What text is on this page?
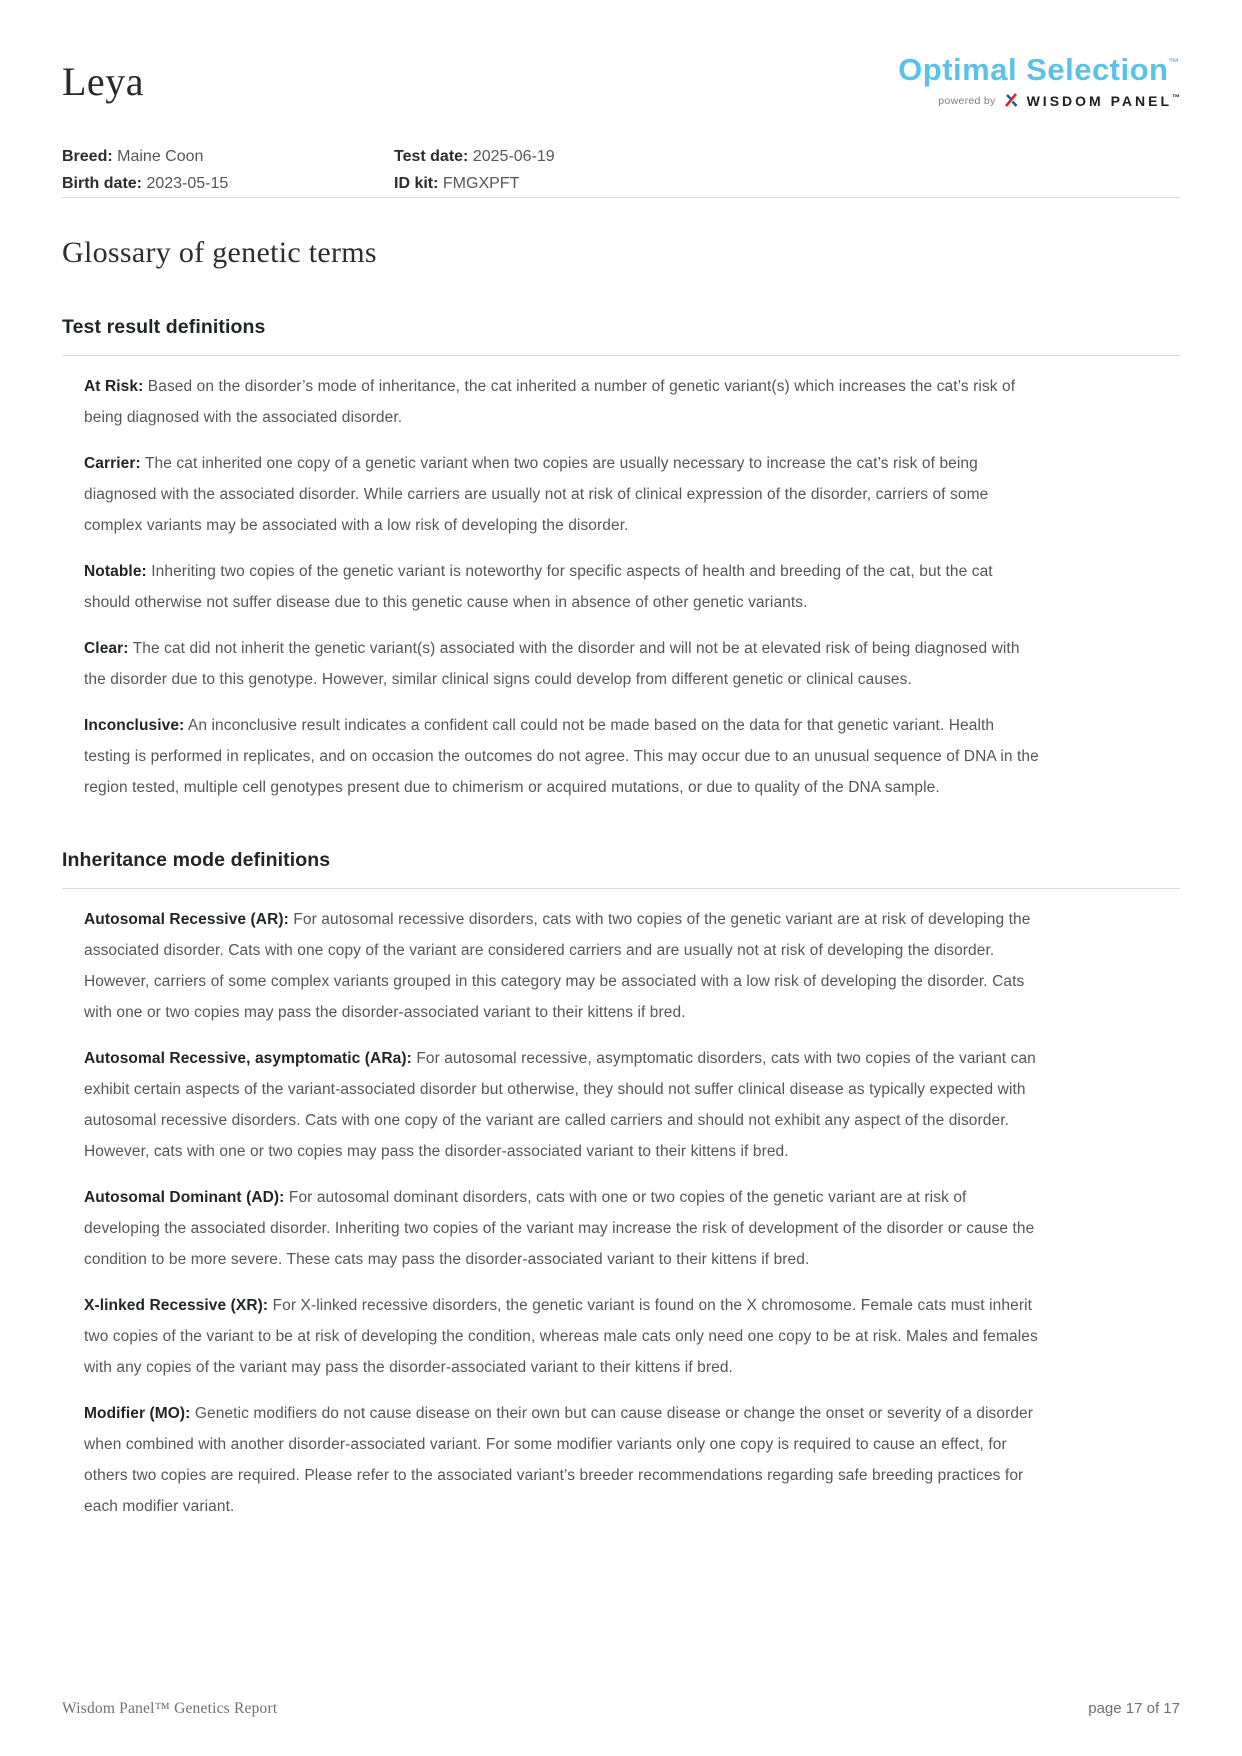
Leya	Optimal Selection™
powered by WISDOM PANEL™
Breed: Maine Coon
Birth date: 2023-05-15
Test date: 2025-06-19
ID kit: FMGXPFT
Glossary of genetic terms
Test result definitions

At Risk: Based on the disorder’s mode of inheritance, the cat inherited a number of genetic variant(s) which increases the cat’s risk of being diagnosed with the associated disorder.

Carrier: The cat inherited one copy of a genetic variant when two copies are usually necessary to increase the cat’s risk of being diagnosed with the associated disorder. While carriers are usually not at risk of clinical expression of the disorder, carriers of some complex variants may be associated with a low risk of developing the disorder.

Notable: Inheriting two copies of the genetic variant is noteworthy for specific aspects of health and breeding of the cat, but the cat should otherwise not suffer disease due to this genetic cause when in absence of other genetic variants.

Clear: The cat did not inherit the genetic variant(s) associated with the disorder and will not be at elevated risk of being diagnosed with the disorder due to this genotype. However, similar clinical signs could develop from different genetic or clinical causes.

Inconclusive: An inconclusive result indicates a confident call could not be made based on the data for that genetic variant. Health testing is performed in replicates, and on occasion the outcomes do not agree. This may occur due to an unusual sequence of DNA in the region tested, multiple cell genotypes present due to chimerism or acquired mutations, or due to quality of the DNA sample.

Inheritance mode definitions

Autosomal Recessive (AR): For autosomal recessive disorders, cats with two copies of the genetic variant are at risk of developing the associated disorder. Cats with one copy of the variant are considered carriers and are usually not at risk of developing the disorder. However, carriers of some complex variants grouped in this category may be associated with a low risk of developing the disorder. Cats with one or two copies may pass the disorder-associated variant to their kittens if bred.

Autosomal Recessive, asymptomatic (ARa): For autosomal recessive, asymptomatic disorders, cats with two copies of the variant can exhibit certain aspects of the variant-associated disorder but otherwise, they should not suffer clinical disease as typically expected with autosomal recessive disorders. Cats with one copy of the variant are called carriers and should not exhibit any aspect of the disorder. However, cats with one or two copies may pass the disorder-associated variant to their kittens if bred.

Autosomal Dominant (AD): For autosomal dominant disorders, cats with one or two copies of the genetic variant are at risk of developing the associated disorder. Inheriting two copies of the variant may increase the risk of development of the disorder or cause the condition to be more severe. These cats may pass the disorder-associated variant to their kittens if bred.

X-linked Recessive (XR): For X-linked recessive disorders, the genetic variant is found on the X chromosome. Female cats must inherit two copies of the variant to be at risk of developing the condition, whereas male cats only need one copy to be at risk. Males and females with any copies of the variant may pass the disorder-associated variant to their kittens if bred.

Modifier (MO): Genetic modifiers do not cause disease on their own but can cause disease or change the onset or severity of a disorder when combined with another disorder-associated variant. For some modifier variants only one copy is required to cause an effect, for others two copies are required. Please refer to the associated variant’s breeder recommendations regarding safe breeding practices for each modifier variant.

Wisdom Panel™ Genetics Report	page 17 of 17
